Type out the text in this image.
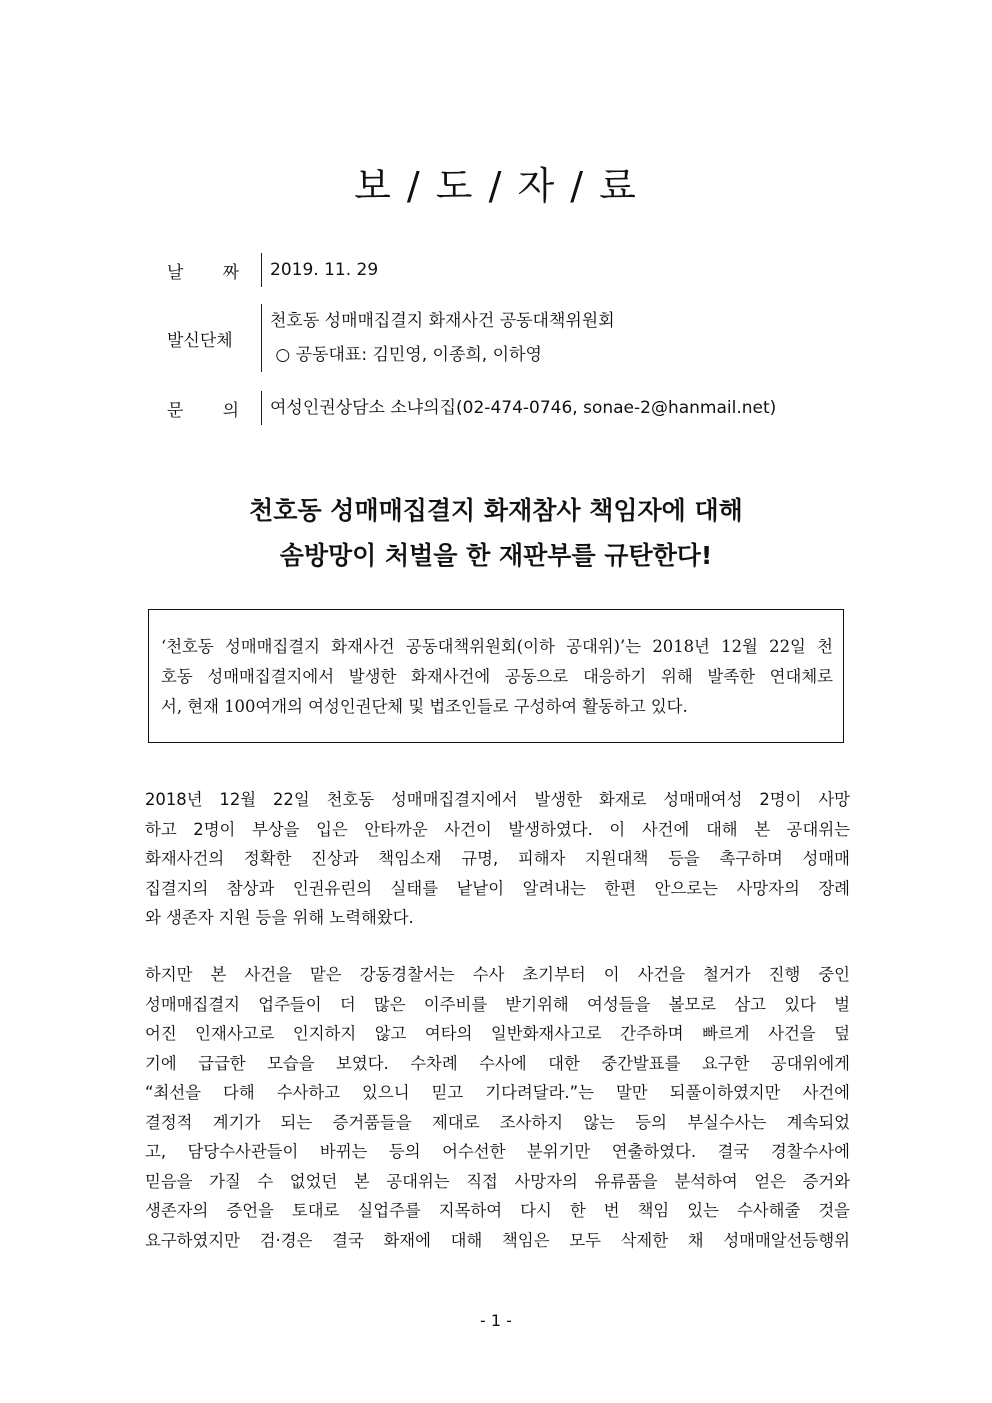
보 / 도 / 자 / 료
날 짜 2019. 11. 29
발신단체
천호동 성매매집결지 화재사건 공동대책위원회
○ 공동대표: 김민영, 이종희, 이하영
문 의 여성인권상담소 소냐의집(02-474-0746, sonae-2@hanmail.net)
천호동 성매매집결지 화재참사 책임자에 대해
솜방망이 처벌을 한 재판부를 규탄한다!
‘천호동 성매매집결지 화재사건 공동대책위원회(이하 공대위)’는 2018년 12월 22일 천
호동 성매매집결지에서 발생한 화재사건에 공동으로 대응하기 위해 발족한 연대체로
서, 현재 100여개의 여성인권단체 및 법조인들로 구성하여 활동하고 있다.
2018년 12월 22일 천호동 성매매집결지에서 발생한 화재로 성매매여성 2명이 사망
하고 2명이 부상을 입은 안타까운 사건이 발생하였다. 이 사건에 대해 본 공대위는
화재사건의 정확한 진상과 책임소재 규명, 피해자 지원대책 등을 촉구하며 성매매
집결지의 참상과 인권유린의 실태를 낱낱이 알려내는 한편 안으로는 사망자의 장례
와 생존자 지원 등을 위해 노력해왔다.
하지만 본 사건을 맡은 강동경찰서는 수사 초기부터 이 사건을 철거가 진행 중인
성매매집결지 업주들이 더 많은 이주비를 받기위해 여성들을 볼모로 삼고 있다 벌
어진 인재사고로 인지하지 않고 여타의 일반화재사고로 간주하며 빠르게 사건을 덮
기에 급급한 모습을 보였다. 수차례 수사에 대한 중간발표를 요구한 공대위에게
“최선을 다해 수사하고 있으니 믿고 기다려달라.”는 말만 되풀이하였지만 사건에
결정적 계기가 되는 증거품들을 제대로 조사하지 않는 등의 부실수사는 계속되었
고, 담당수사관들이 바뀌는 등의 어수선한 분위기만 연출하였다. 결국 경찰수사에
믿음을 가질 수 없었던 본 공대위는 직접 사망자의 유류품을 분석하여 얻은 증거와
생존자의 증언을 토대로 실업주를 지목하여 다시 한 번 책임 있는 수사해줄 것을
요구하였지만 검·경은 결국 화재에 대해 책임은 모두 삭제한 채 성매매알선등행위
- 1 -
